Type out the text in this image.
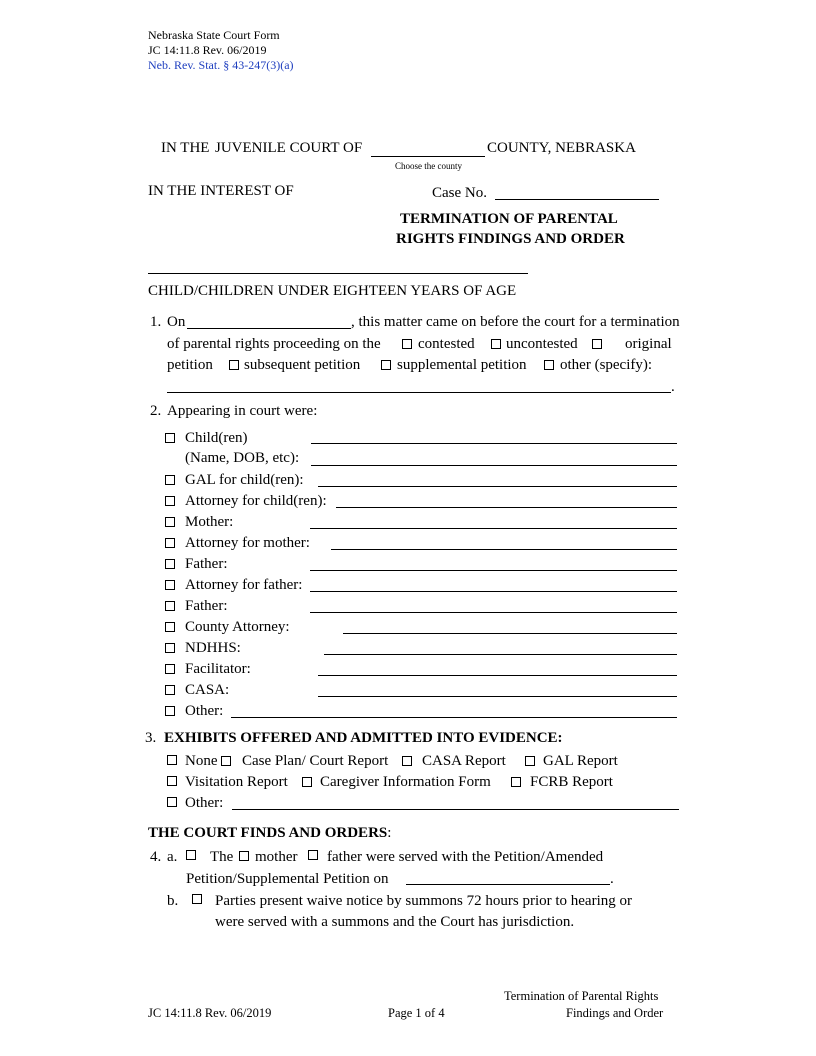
Nebraska State Court Form
JC 14:11.8 Rev. 06/2019
Neb. Rev. Stat. § 43-247(3)(a)
IN THE JUVENILE COURT OF	COUNTY, NEBRASKA
Choose the county
IN THE INTEREST OF	Case No.
TERMINATION OF PARENTAL
RIGHTS FINDINGS AND ORDER
CHILD/CHILDREN UNDER EIGHTEEN YEARS OF AGE
1. On	, this matter came on before the court for a termination
of parental rights proceeding on the contested uncontested	original
petition subsequent petition supplemental petition other (specify):
.
2. Appearing in court were:
Child(ren)
(Name, DOB, etc):
GAL for child(ren):
Attorney for child(ren):
Mother:
Attorney for mother:
Father:
Attorney for father:
Father:
County Attorney:
NDHHS:
Facilitator:
CASA:
Other:
3. EXHIBITS OFFERED AND ADMITTED INTO EVIDENCE:
None Case Plan/ Court Report CASA Report GAL Report
Visitation Report Caregiver Information Form	FCRB Report
Other:
THE COURT FINDS AND ORDERS:
4. a. The mother father were served with the Petition/Amended
Petition/Supplemental Petition on	.
b. Parties present waive notice by summons 72 hours prior to hearing or
were served with a summons and the Court has jurisdiction.
JC 14:11.8 Rev. 06/2019	Page 1 of 4
Termination of Parental Rights
Findings and Order
